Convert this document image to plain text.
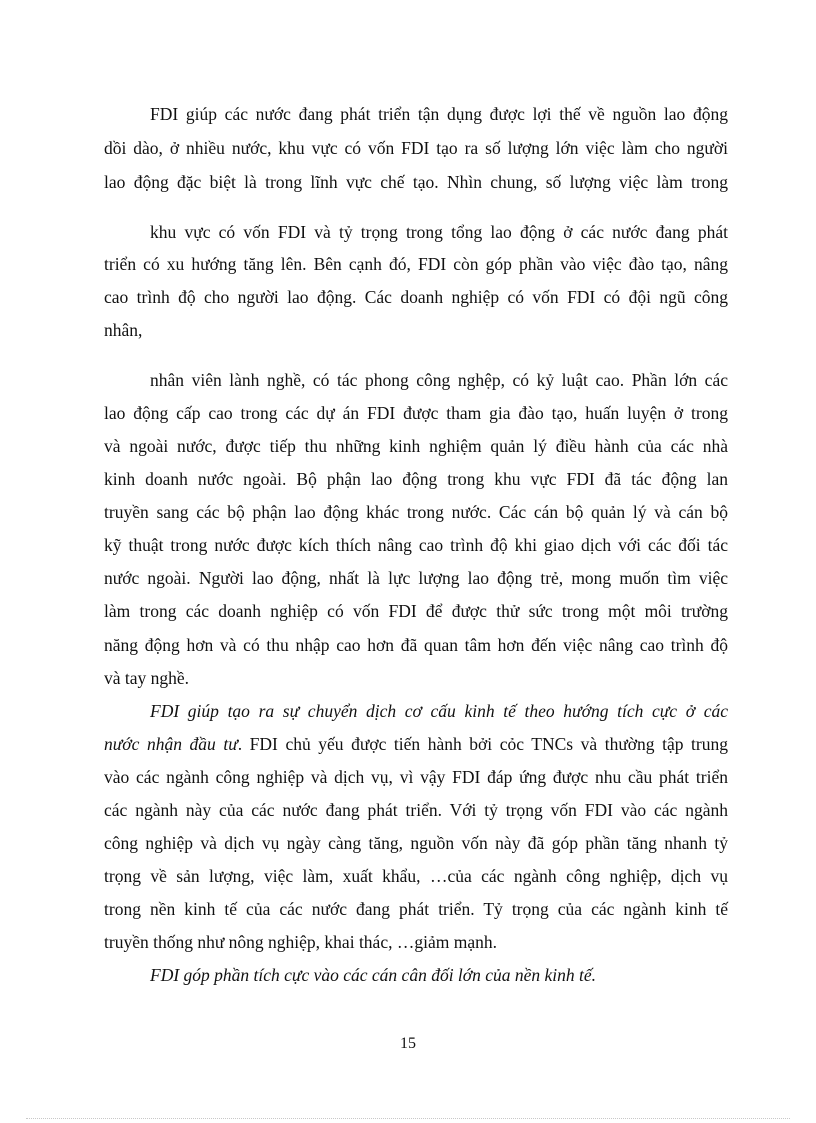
FDI giúp các nước đang phát triển tận dụng được lợi thế về nguồn lao động
dồi dào, ở nhiều nước, khu vực có vốn FDI tạo ra số lượng lớn việc làm cho người
lao động đặc biệt là trong lĩnh vực chế tạo. Nhìn chung, số lượng việc làm trong
khu vực có vốn FDI và tỷ trọng trong tổng lao động ở các nước đang phát
triển có xu hướng tăng lên. Bên cạnh đó, FDI còn góp phần vào việc đào tạo, nâng
cao trình độ cho người lao động. Các doanh nghiệp có vốn FDI có đội ngũ công
nhân,
nhân viên lành nghề, có tác phong công nghệp, có kỷ luật cao. Phần lớn các
lao động cấp cao trong các dự án FDI được tham gia đào tạo, huấn luyện ở trong
và ngoài nước, được tiếp thu những kinh nghiệm quản lý điều hành của các nhà
kinh doanh nước ngoài. Bộ phận lao động trong khu vực FDI đã tác động lan
truyền sang các bộ phận lao động khác trong nước. Các cán bộ quản lý và cán bộ
kỹ thuật trong nước được kích thích nâng cao trình độ khi giao dịch với các đối tác
nước ngoài. Người lao động, nhất là lực lượng lao động trẻ, mong muốn tìm việc
làm trong các doanh nghiệp có vốn FDI để được thử sức trong một môi trường
năng động hơn và có thu nhập cao hơn đã quan tâm hơn đến việc nâng cao trình độ
và tay nghề.
FDI giúp tạo ra sự chuyển dịch cơ cấu kinh tế theo hướng tích cực ở các
nước nhận đầu tư. FDI chủ yếu được tiến hành bởi cỏc TNCs và thường tập trung
vào các ngành công nghiệp và dịch vụ, vì vậy FDI đáp ứng được nhu cầu phát triển
các ngành này của các nước đang phát triển. Với tỷ trọng vốn FDI vào các ngành
công nghiệp và dịch vụ ngày càng tăng, nguồn vốn này đã góp phần tăng nhanh tỷ
trọng về sản lượng, việc làm, xuất khẩu, …của các ngành công nghiệp, dịch vụ
trong nền kinh tế của các nước đang phát triển. Tỷ trọng của các ngành kinh tế
truyền thống như nông nghiệp, khai thác, …giảm mạnh.
FDI góp phần tích cực vào các cán cân đối lớn của nền kinh tế.
15
